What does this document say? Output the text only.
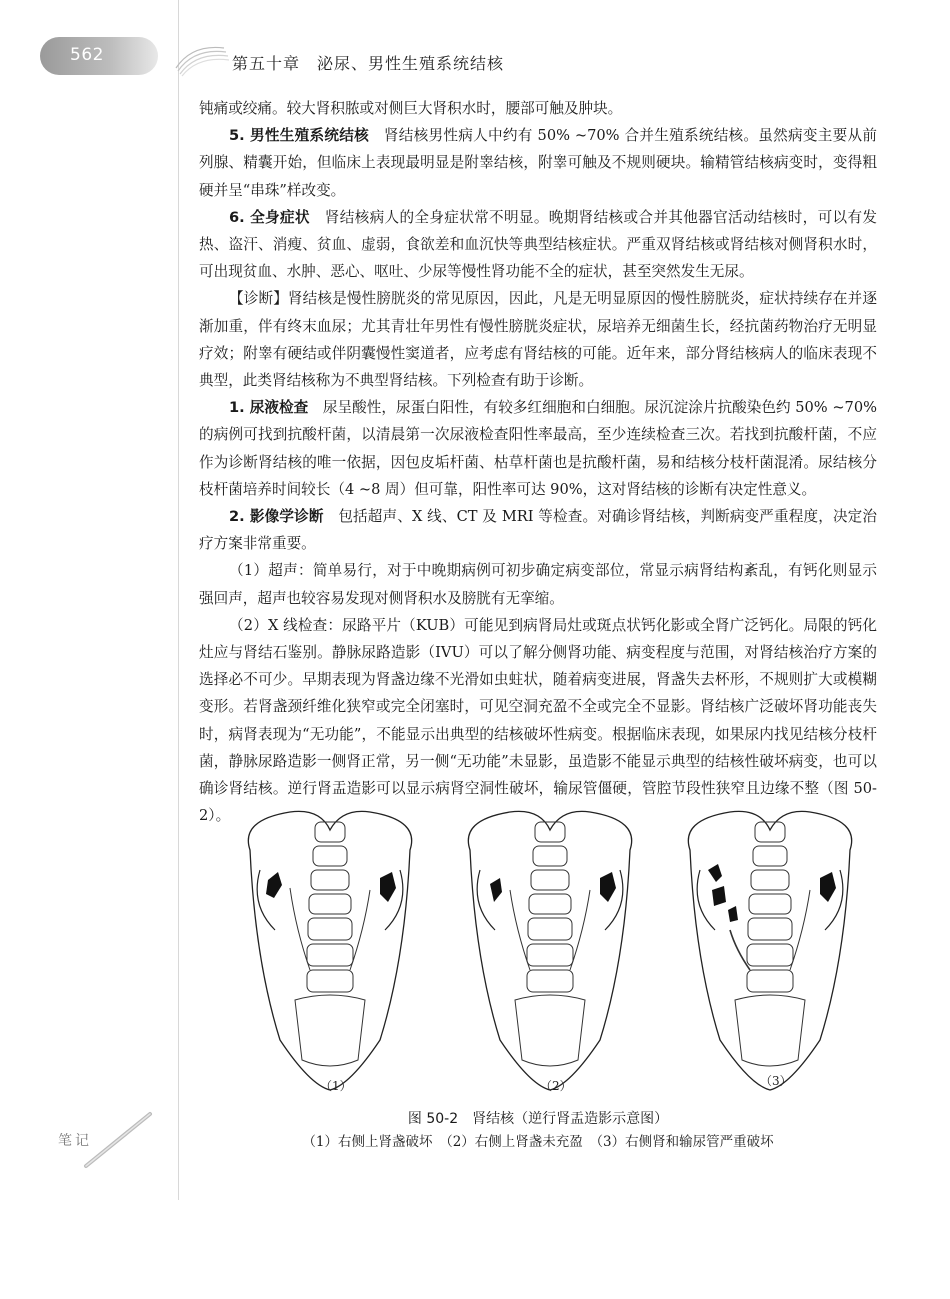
562	第五十章　泌尿、男性生殖系统结核

钝痛或绞痛。较大肾积脓或对侧巨大肾积水时，腰部可触及肿块。

5. 男性生殖系统结核　肾结核男性病人中约有 50% ~70% 合并生殖系统结核。虽然病变主要从前列腺、精囊开始，但临床上表现最明显是附睾结核，附睾可触及不规则硬块。输精管结核病变时，变得粗硬并呈“串珠”样改变。

6. 全身症状　肾结核病人的全身症状常不明显。晚期肾结核或合并其他器官活动结核时，可以有发热、盗汗、消瘦、贫血、虚弱，食欲差和血沉快等典型结核症状。严重双肾结核或肾结核对侧肾积水时，可出现贫血、水肿、恶心、呕吐、少尿等慢性肾功能不全的症状，甚至突然发生无尿。

【诊断】肾结核是慢性膀胱炎的常见原因，因此，凡是无明显原因的慢性膀胱炎，症状持续存在并逐渐加重，伴有终末血尿；尤其青壮年男性有慢性膀胱炎症状，尿培养无细菌生长，经抗菌药物治疗无明显疗效；附睾有硬结或伴阴囊慢性窦道者，应考虑有肾结核的可能。近年来，部分肾结核病人的临床表现不典型，此类肾结核称为不典型肾结核。下列检查有助于诊断。

1. 尿液检查　尿呈酸性，尿蛋白阳性，有较多红细胞和白细胞。尿沉淀涂片抗酸染色约 50% ~70% 的病例可找到抗酸杆菌，以清晨第一次尿液检查阳性率最高，至少连续检查三次。若找到抗酸杆菌，不应作为诊断肾结核的唯一依据，因包皮垢杆菌、枯草杆菌也是抗酸杆菌，易和结核分枝杆菌混淆。尿结核分枝杆菌培养时间较长（4 ~8 周）但可靠，阳性率可达 90%，这对肾结核的诊断有决定性意义。

2. 影像学诊断　包括超声、X 线、CT 及 MRI 等检查。对确诊肾结核，判断病变严重程度，决定治疗方案非常重要。

（1）超声：简单易行，对于中晚期病例可初步确定病变部位，常显示病肾结构紊乱，有钙化则显示强回声，超声也较容易发现对侧肾积水及膀胱有无挛缩。

（2）X 线检查：尿路平片（KUB）可能见到病肾局灶或斑点状钙化影或全肾广泛钙化。局限的钙化灶应与肾结石鉴别。静脉尿路造影（IVU）可以了解分侧肾功能、病变程度与范围，对肾结核治疗方案的选择必不可少。早期表现为肾盏边缘不光滑如虫蛀状，随着病变进展，肾盏失去杯形，不规则扩大或模糊变形。若肾盏颈纤维化狭窄或完全闭塞时，可见空洞充盈不全或完全不显影。肾结核广泛破坏肾功能丧失时，病肾表现为“无功能”，不能显示出典型的结核破坏性病变。根据临床表现，如果尿内找见结核分枝杆菌，静脉尿路造影一侧肾正常，另一侧“无功能”未显影，虽造影不能显示典型的结核性破坏病变，也可以确诊肾结核。逆行肾盂造影可以显示病肾空洞性破坏，输尿管僵硬，管腔节段性狭窄且边缘不整（图 50-2）。

（1）	（2）	（3）
图 50-2　肾结核（逆行肾盂造影示意图）
（1）右侧上肾盏破坏　（2）右侧上肾盏未充盈　（3）右侧肾和输尿管严重破坏
笔记
